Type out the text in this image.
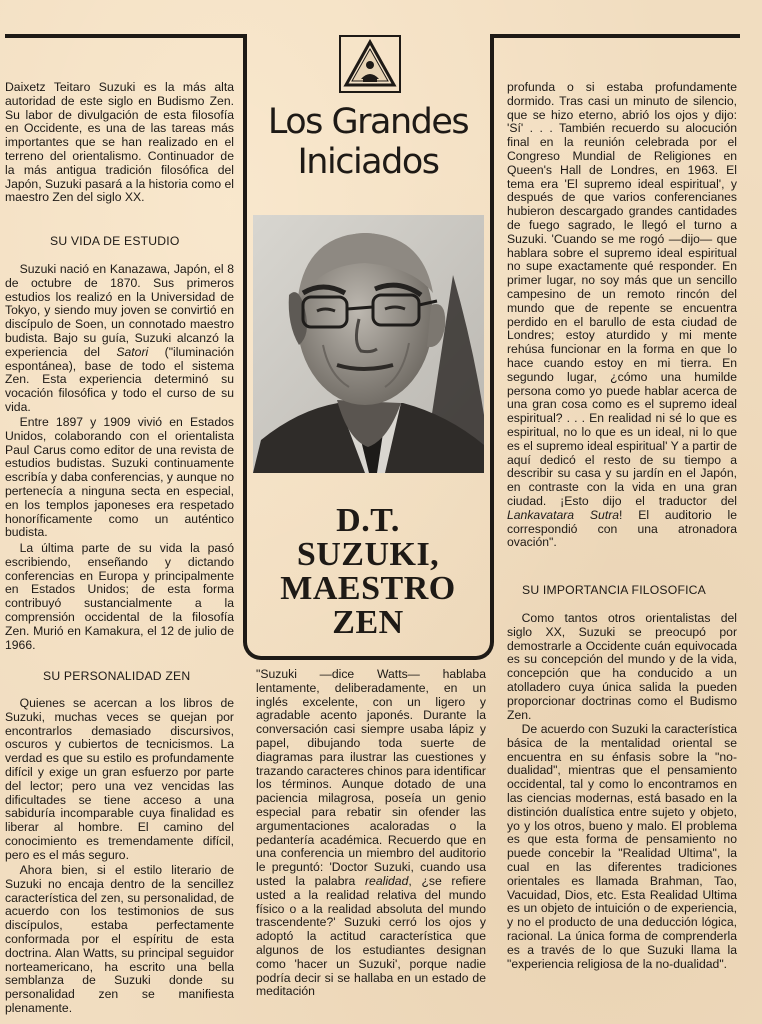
Los Grandes
Iniciados
D.T.
SUZUKI,
MAESTRO
ZEN

Daixetz Teitaro Suzuki es la más alta autoridad de este siglo en Budismo Zen. Su labor de divulgación de esta filosofía en Occidente, es una de las tareas más importantes que se han realizado en el terreno del orientalismo. Continuador de la más antigua tradición filosófica del Japón, Suzuki pasará a la historia como el maestro Zen del siglo XX.

SU VIDA DE ESTUDIO

Suzuki nació en Kanazawa, Japón, el 8 de octubre de 1870. Sus primeros estudios los realizó en la Universidad de Tokyo, y siendo muy joven se convirtió en discípulo de Soen, un connotado maestro budista. Bajo su guía, Suzuki alcanzó la experiencia del Satori ("iluminación espontánea), base de todo el sistema Zen. Esta experiencia determinó su vocación filosófica y todo el curso de su vida.

Entre 1897 y 1909 vivió en Estados Unidos, colaborando con el orientalista Paul Carus como editor de una revista de estudios budistas. Suzuki continuamente escribía y daba conferencias, y aunque no pertenecía a ninguna secta en especial, en los templos japoneses era respetado honoríficamente como un auténtico budista.

La última parte de su vida la pasó escribiendo, enseñando y dictando conferencias en Europa y principalmente en Estados Unidos; de esta forma contribuyó sustancialmente a la comprensión occidental de la filosofía Zen. Murió en Kamakura, el 12 de julio de 1966.

SU PERSONALIDAD ZEN

Quienes se acercan a los libros de Suzuki, muchas veces se quejan por encontrarlos demasiado discursivos, oscuros y cubiertos de tecnicismos. La verdad es que su estilo es profundamente difícil y exige un gran esfuerzo por parte del lector; pero una vez vencidas las dificultades se tiene acceso a una sabiduría incomparable cuya finalidad es liberar al hombre. El camino del conocimiento es tremendamente difícil, pero es el más seguro.

Ahora bien, si el estilo literario de Suzuki no encaja dentro de la sencillez característica del zen, su personalidad, de acuerdo con los testimonios de sus discípulos, estaba perfectamente conformada por el espíritu de esta doctrina. Alan Watts, su principal seguidor norteamericano, ha escrito una bella semblanza de Suzuki donde su personalidad zen se manifiesta plenamente.

"Suzuki —dice Watts— hablaba lentamente, deliberadamente, en un inglés excelente, con un ligero y agradable acento japonés. Durante la conversación casi siempre usaba lápiz y papel, dibujando toda suerte de diagramas para ilustrar las cuestiones y trazando caracteres chinos para identificar los términos. Aunque dotado de una paciencia milagrosa, poseía un genio especial para rebatir sin ofender las argumentaciones acaloradas o la pedantería académica. Recuerdo que en una conferencia un miembro del auditorio le preguntó: 'Doctor Suzuki, cuando usa usted la palabra realidad, ¿se refiere usted a la realidad relativa del mundo físico o a la realidad absoluta del mundo trascendente?' Suzuki cerró los ojos y adoptó la actitud característica que algunos de los estudiantes designan como 'hacer un Suzuki', porque nadie podría decir si se hallaba en un estado de meditación

profunda o si estaba profundamente dormido. Tras casi un minuto de silencio, que se hizo eterno, abrió los ojos y dijo: 'Sí' . . . También recuerdo su alocución final en la reunión celebrada por el Congreso Mundial de Religiones en Queen's Hall de Londres, en 1963. El tema era 'El supremo ideal espiritual', y después de que varios conferencianes hubieron descargado grandes cantidades de fuego sagrado, le llegó el turno a Suzuki. 'Cuando se me rogó —dijo— que hablara sobre el supremo ideal espiritual no supe exactamente qué responder. En primer lugar, no soy más que un sencillo campesino de un remoto rincón del mundo que de repente se encuentra perdido en el barullo de esta ciudad de Londres; estoy aturdido y mi mente rehúsa funcionar en la forma en que lo hace cuando estoy en mi tierra. En segundo lugar, ¿cómo una humilde persona como yo puede hablar acerca de una gran cosa como es el supremo ideal espiritual? . . . En realidad ni sé lo que es espiritual, no lo que es un ideal, ni lo que es el supremo ideal espiritual' Y a partir de aquí dedicó el resto de su tiempo a describir su casa y su jardín en el Japón, en contraste con la vida en una gran ciudad. ¡Esto dijo el traductor del Lankavatara Sutra! El auditorio le correspondió con una atronadora ovación".

SU IMPORTANCIA FILOSOFICA

Como tantos otros orientalistas del siglo XX, Suzuki se preocupó por demostrarle a Occidente cuán equivocada es su concepción del mundo y de la vida, concepción que ha conducido a un atolladero cuya única salida la pueden proporcionar doctrinas como el Budismo Zen.

De acuerdo con Suzuki la característica básica de la mentalidad oriental se encuentra en su énfasis sobre la "no-dualidad", mientras que el pensamiento occidental, tal y como lo encontramos en las ciencias modernas, está basado en la distinción dualística entre sujeto y objeto, yo y los otros, bueno y malo. El problema es que esta forma de pensamiento no puede concebir la "Realidad Ultima", la cual en las diferentes tradiciones orientales es llamada Brahman, Tao, Vacuidad, Dios, etc. Esta Realidad Ultima es un objeto de intuición o de experiencia, y no el producto de una deducción lógica, racional. La única forma de comprenderla es a través de lo que Suzuki llama la "experiencia religiosa de la no-dualidad".
